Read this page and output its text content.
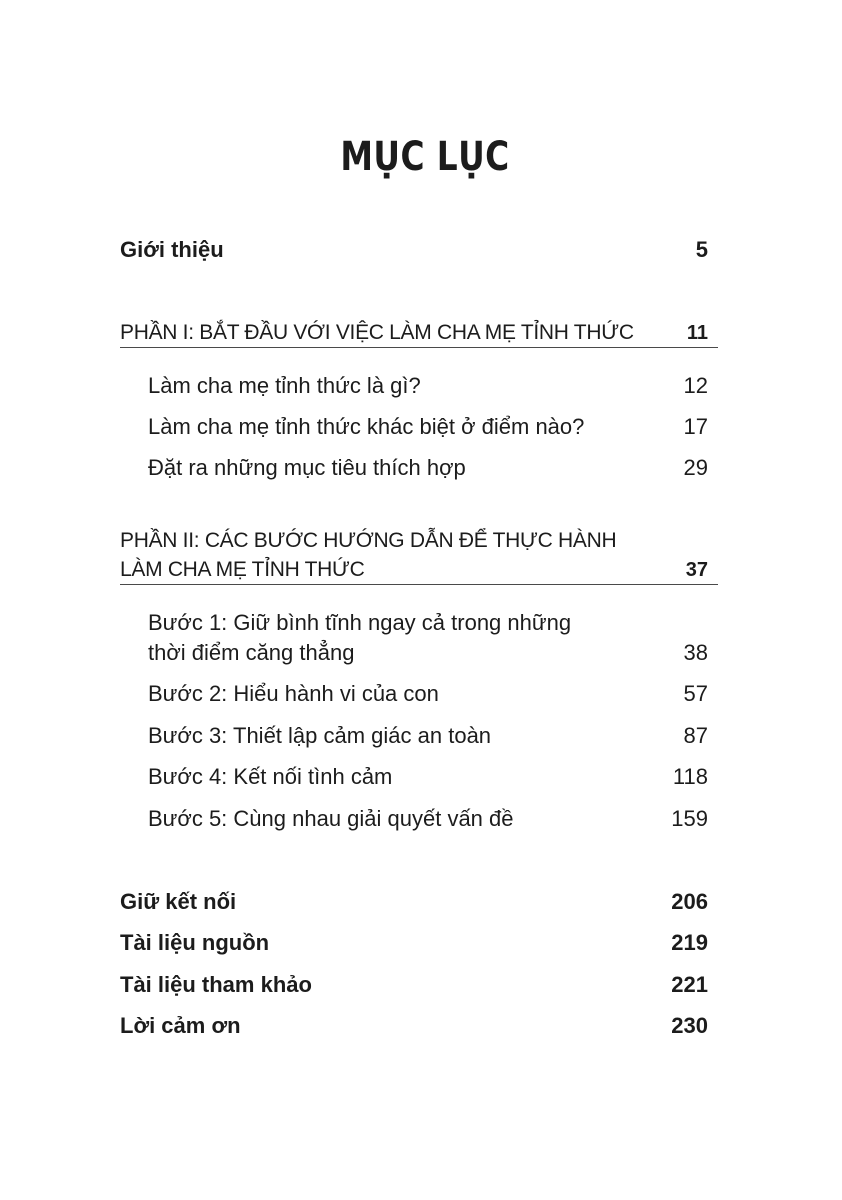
MỤC LỤC
Giới thiệu	5
PHẦN I: BẮT ĐẦU VỚI VIỆC LÀM CHA MẸ TỈNH THỨC	11
Làm cha mẹ tỉnh thức là gì?	12
Làm cha mẹ tỉnh thức khác biệt ở điểm nào?	17
Đặt ra những mục tiêu thích hợp	29
PHẦN II: CÁC BƯỚC HƯỚNG DẪN ĐỂ THỰC HÀNH
LÀM CHA MẸ TỈNH THỨC	37
Bước 1: Giữ bình tĩnh ngay cả trong những
thời điểm căng thẳng	38
Bước 2: Hiểu hành vi của con	57
Bước 3: Thiết lập cảm giác an toàn	87
Bước 4: Kết nối tình cảm	118
Bước 5: Cùng nhau giải quyết vấn đề	159
Giữ kết nối	206
Tài liệu nguồn	219
Tài liệu tham khảo	221
Lời cảm ơn	230
